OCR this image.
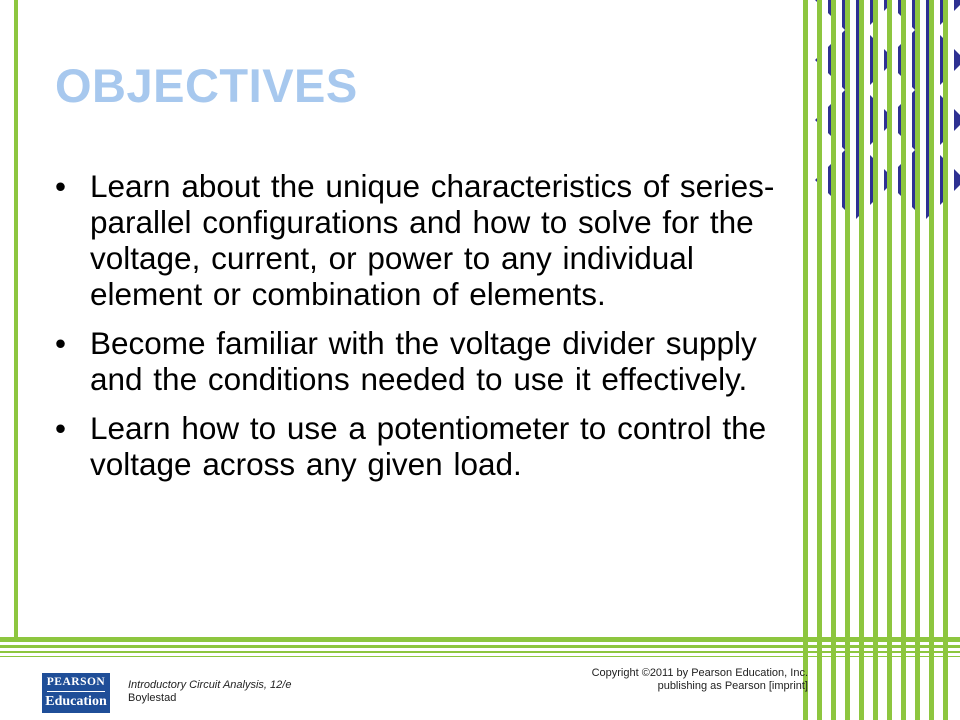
OBJECTIVES
• Learn about the unique characteristics of series-parallel configurations and how to solve for the voltage, current, or power to any individual element or combination of elements.
• Become familiar with the voltage divider supply and the conditions needed to use it effectively.
• Learn how to use a potentiometer to control the voltage across any given load.
PEARSON
Education
Introductory Circuit Analysis, 12/e
Boylestad
Copyright ©2011 by Pearson Education, Inc.
publishing as Pearson [imprint]
